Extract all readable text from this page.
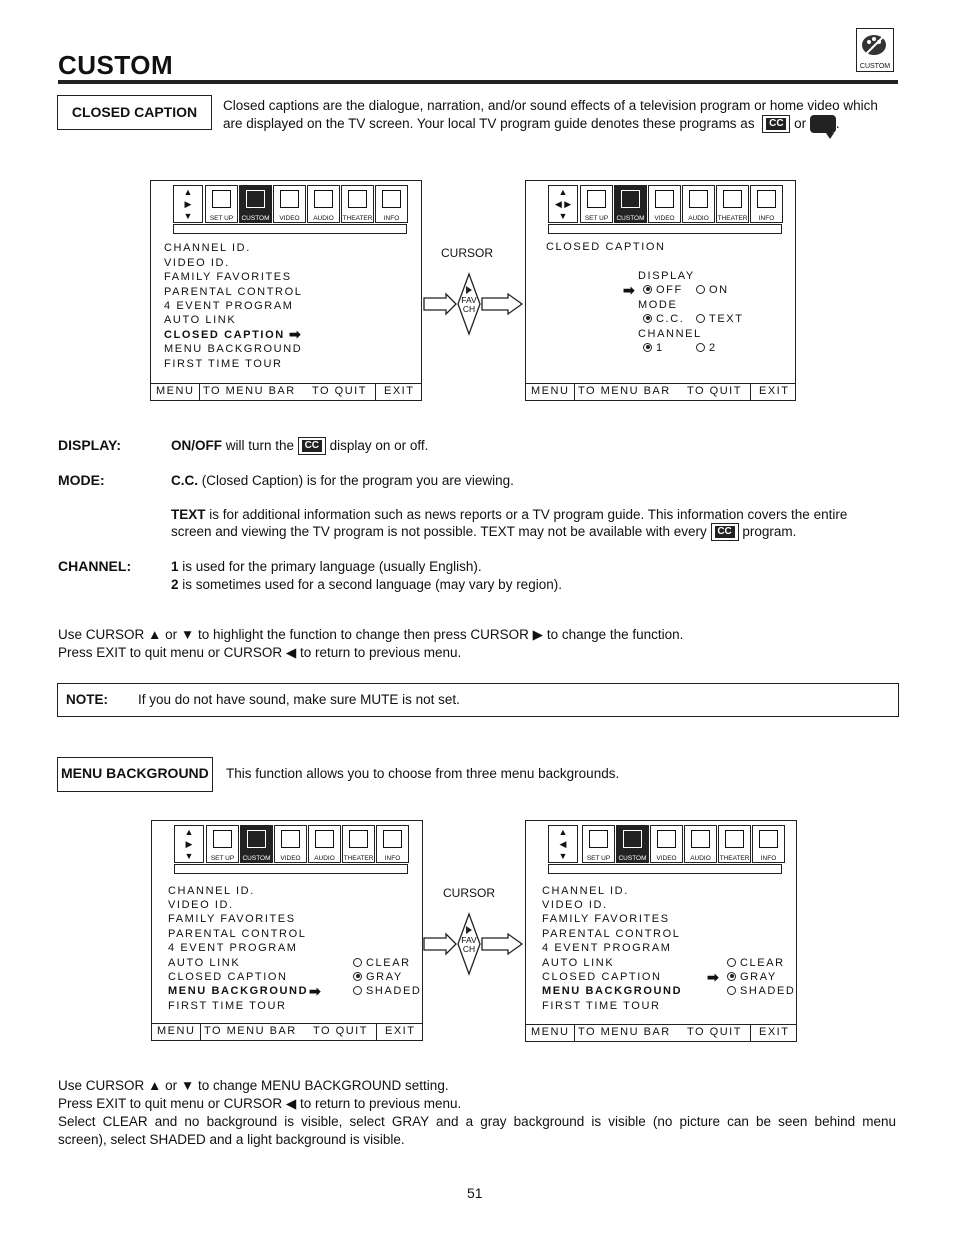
CUSTOM	CUSTOM
CLOSED CAPTION	Closed captions are the dialogue, narration, and/or sound effects of a television program or home video which
are displayed on the TV screen. Your local TV program guide denotes these programs as CC or .
▲
▶
▼	SET UP	CUSTOM	VIDEO	AUDIO	THEATER	INFO
CHANNEL ID.
VIDEO ID.
FAMILY FAVORITES
PARENTAL CONTROL
4 EVENT PROGRAM
AUTO LINK
CLOSED CAPTION ➡
MENU BACKGROUND
FIRST TIME TOUR
MENU TO MENU BAR TO QUIT EXIT
CURSOR
FAV
CH
▲
◀ ▶
▼	SET UP	CUSTOM	VIDEO	AUDIO	THEATER	INFO
CLOSED CAPTION
DISPLAY
➡	OFF	ON
MODE
C.C.	TEXT
CHANNEL
1	2
MENU TO MENU BAR TO QUIT EXIT
DISPLAY:	ON/OFF will turn the CC display on or off.
MODE:	C.C. (Closed Caption) is for the program you are viewing.
TEXT is for additional information such as news reports or a TV program guide. This information covers the entire
screen and viewing the TV program is not possible. TEXT may not be available with every CC program.
CHANNEL:	1 is used for the primary language (usually English).
2 is sometimes used for a second language (may vary by region).
Use CURSOR ▲ or ▼ to highlight the function to change then press CURSOR ▶ to change the function.
Press EXIT to quit menu or CURSOR ◀ to return to previous menu.
NOTE: If you do not have sound, make sure MUTE is not set.
MENU BACKGROUND	This function allows you to choose from three menu backgrounds.
▲
▶
▼	SET UP	CUSTOM	VIDEO	AUDIO	THEATER	INFO
CHANNEL ID.
VIDEO ID.
FAMILY FAVORITES
PARENTAL CONTROL
4 EVENT PROGRAM
AUTO LINK
CLOSED CAPTION
MENU BACKGROUND ➡
FIRST TIME TOUR
CLEAR
GRAY
SHADED
MENU TO MENU BAR TO QUIT EXIT
CURSOR
FAV
CH
▲
◀
▼	SET UP	CUSTOM	VIDEO	AUDIO	THEATER	INFO
CHANNEL ID.
VIDEO ID.
FAMILY FAVORITES
PARENTAL CONTROL
4 EVENT PROGRAM
AUTO LINK
CLOSED CAPTION
MENU BACKGROUND
FIRST TIME TOUR
CLEAR
➡	GRAY
SHADED
MENU TO MENU BAR TO QUIT EXIT
Use CURSOR ▲ or ▼ to change MENU BACKGROUND setting.
Press EXIT to quit menu or CURSOR ◀ to return to previous menu.
Select CLEAR and no background is visible, select GRAY and a gray background is visible (no picture can be seen behind menu
screen), select SHADED and a light background is visible.
51
